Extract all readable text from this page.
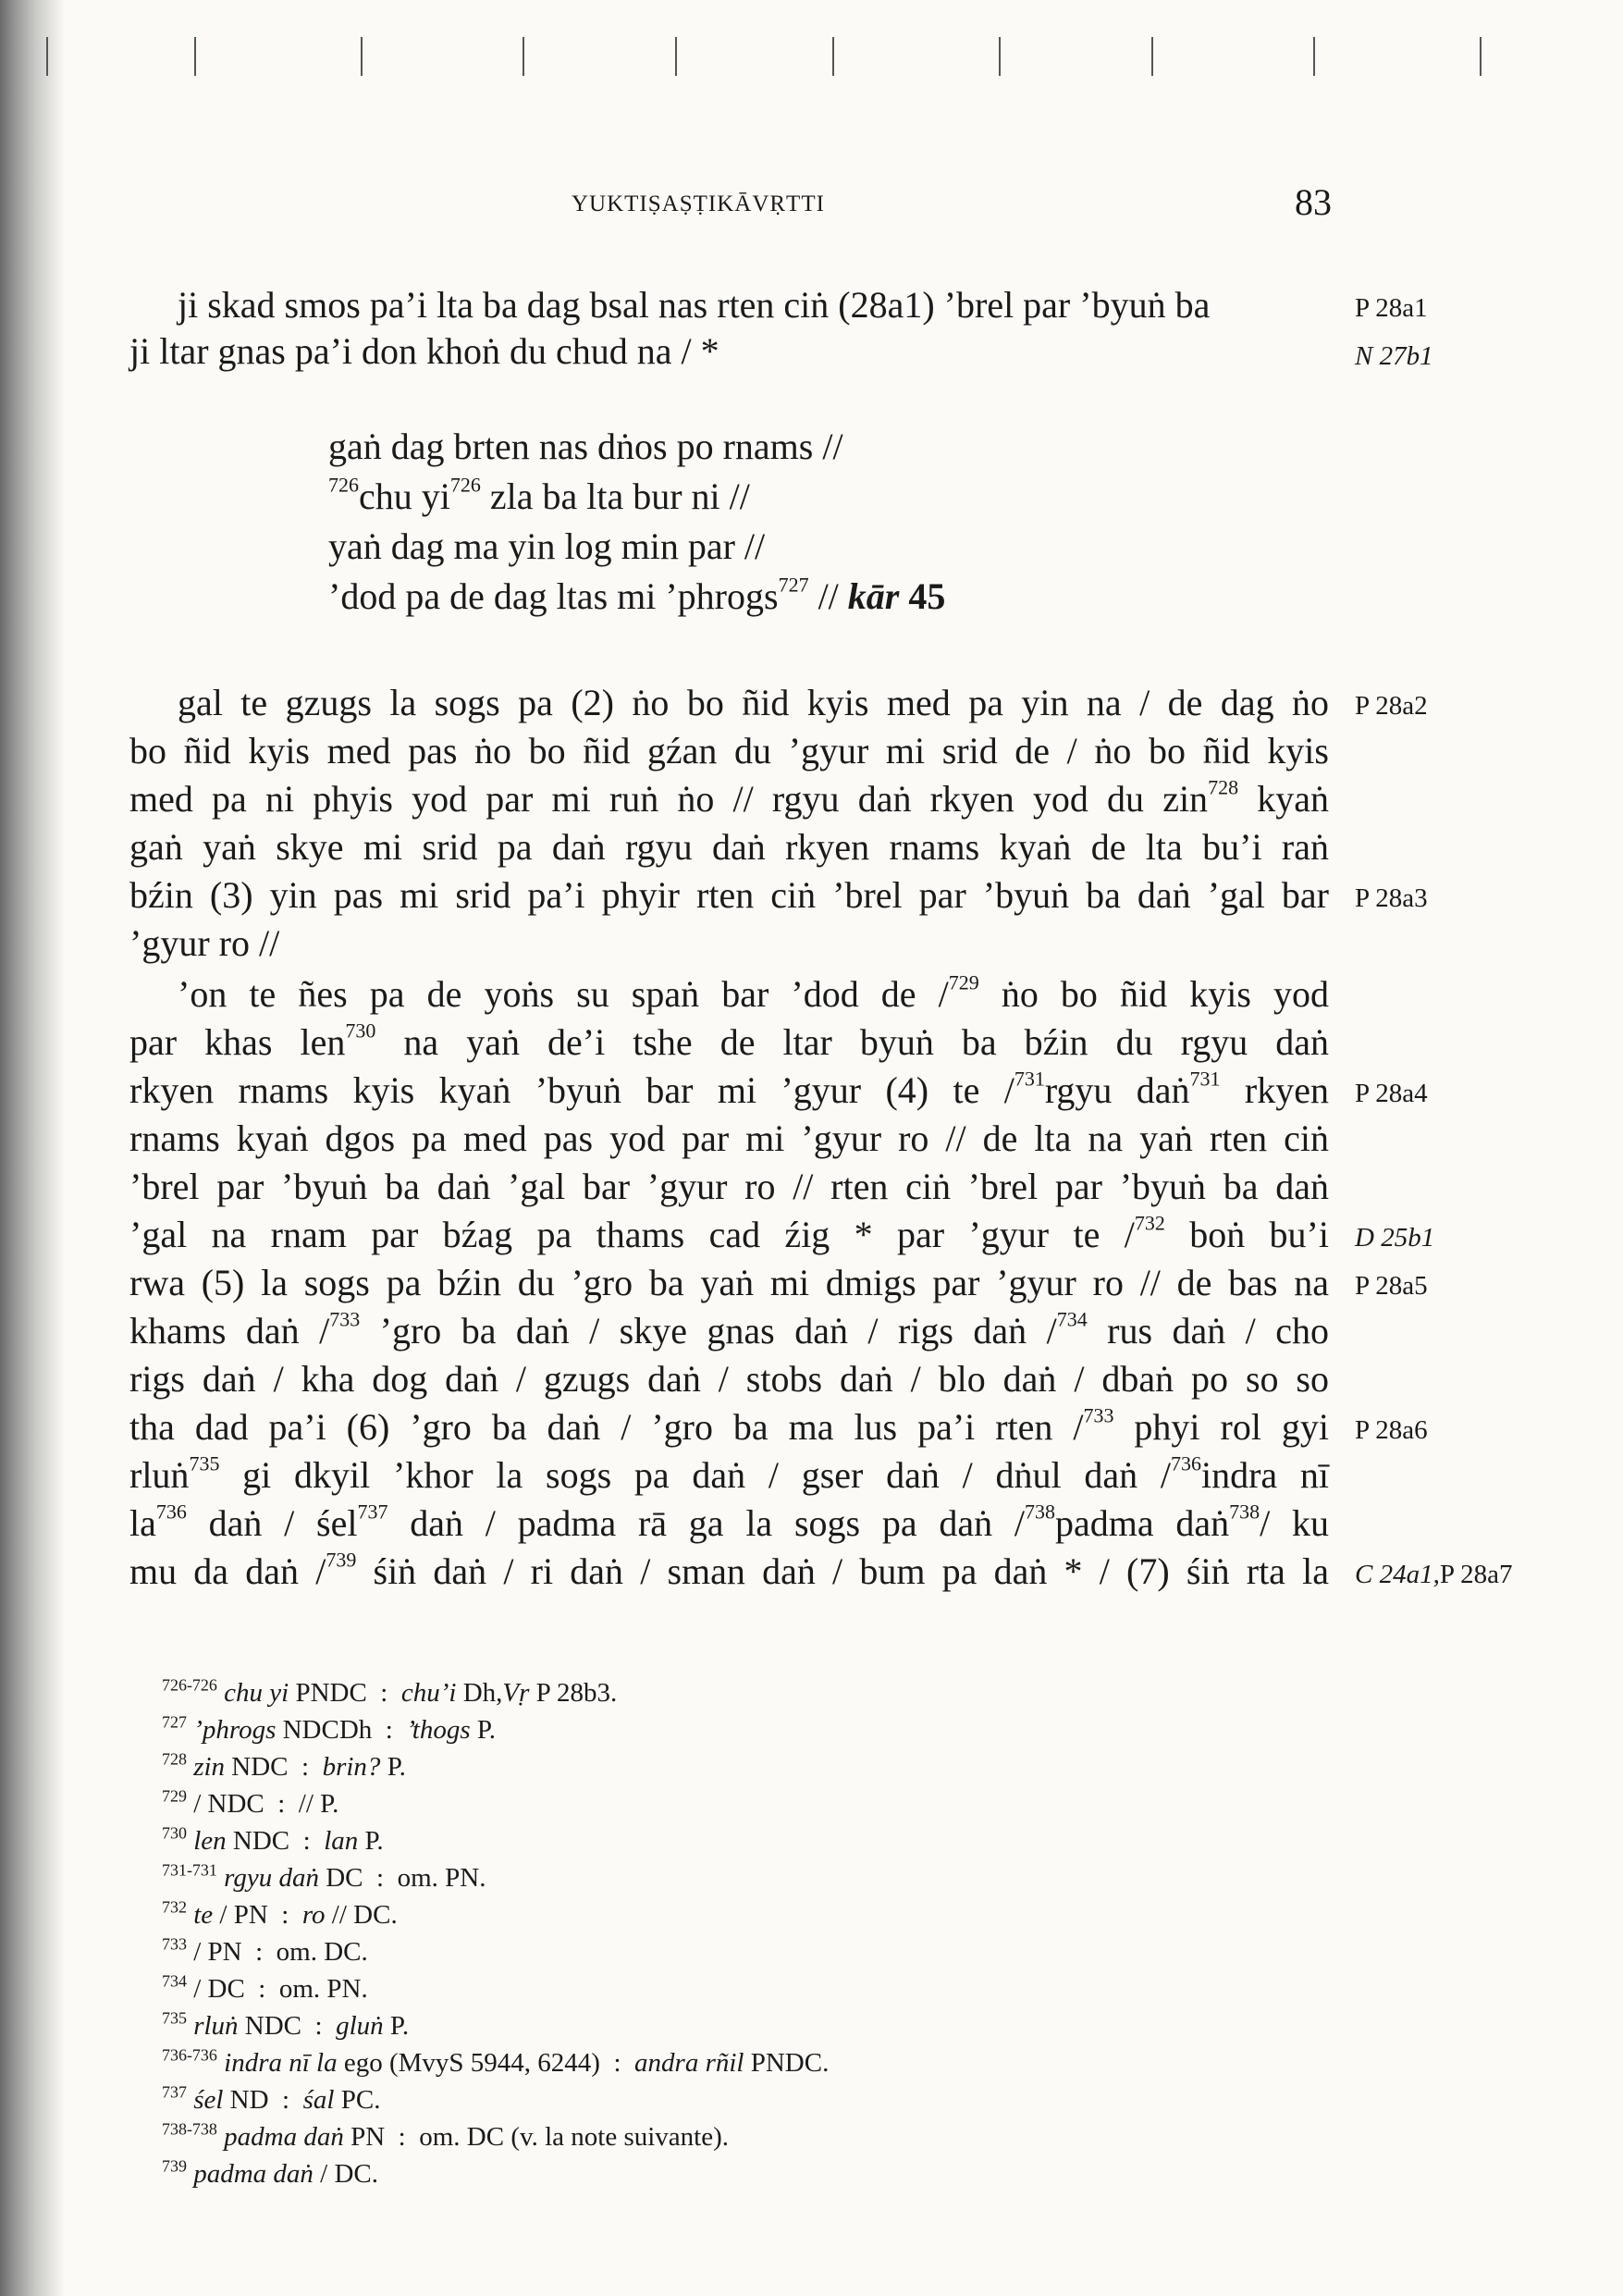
YUKTIṢAṢṬIKĀVṚTTI	83
ji skad smos pa’i lta ba dag bsal nas rten ciṅ (28a1) ’brel par ’byuṅ ba
ji ltar gnas pa’i don khoṅ du chud na / *
P 28a1
N 27b1
gaṅ dag brten nas dṅos po rnams //
$^{726}$chu $yi^{726}$ zla ba lta bur ni //
yaṅ dag ma yin log min par //
’dod pa de dag ltas mi ’phrogs$^{727}$ // kār 45
gal te gzugs la sogs pa (2) ṅo bo ñid kyis med pa yin na / de dag ṅo
bo ñid kyis med pas ṅo bo ñid gźan du ’gyur mi srid de / ṅo bo ñid kyis
med pa ni phyis yod par mi ruṅ ṅo // rgyu daṅ rkyen yod du zin$^{728}$ kyaṅ
gaṅ yaṅ skye mi srid pa daṅ rgyu daṅ rkyen rnams kyaṅ de lta bu’i raṅ
bźin (3) yin pas mi srid pa’i phyir rten ciṅ ’brel par ’byuṅ ba daṅ ’gal bar
’gyur ro //
P 28a2
P 28a3
’on te ñes pa de yoṅs su spaṅ bar ’dod de /$^{729}$ ṅo bo ñid kyis yod
par khas len$^{730}$ na yaṅ de’i tshe de ltar byuṅ ba bźin du rgyu daṅ
rkyen rnams kyis kyaṅ ’byuṅ bar mi ’gyur (4) te /$^{731}$rgyu daṅ$^{731}$ rkyen
rnams kyaṅ dgos pa med pas yod par mi ’gyur ro // de lta na yaṅ rten ciṅ
’brel par ’byuṅ ba daṅ ’gal bar ’gyur ro // rten ciṅ ’brel par ’byuṅ ba daṅ
’gal na rnam par bźag pa thams cad źig * par ’gyur te /$^{732}$ boṅ bu’i
rwa (5) la sogs pa bźin du ’gro ba yaṅ mi dmigs par ’gyur ro // de bas na
khams daṅ /$^{733}$ ’gro ba daṅ / skye gnas daṅ / rigs daṅ /$^{734}$ rus daṅ / cho
rigs daṅ / kha dog daṅ / gzugs daṅ / stobs daṅ / blo daṅ / dbaṅ po so so
tha dad pa’i (6) ’gro ba daṅ / ’gro ba ma lus pa’i rten /$^{733}$ phyi rol gyi
rluṅ$^{735}$ gi dkyil ’khor la sogs pa daṅ / gser daṅ / dṅul daṅ /$^{736}$indra nī
$la^{736}$ daṅ / śel$^{737}$ daṅ / padma rā ga la sogs pa daṅ /$^{738}$padma daṅ$^{738}$/ ku
mu da daṅ /$^{739}$ śiṅ daṅ / ri daṅ / sman daṅ / bum pa daṅ * / (7) śiṅ rta la
P 28a4
D 25b1
P 28a5
P 28a6
C 24a1,P 28a7
$^{726-726}$ chu yi PNDC  :  chu’i Dh,Vṛ P 28b3.
$^{727}$ ’phrogs NDCDh  :  ’thogs P.
$^{728}$ zin NDC  :  brin? P.
$^{729}$ / NDC  :  // P.
$^{730}$ len NDC  :  lan P.
$^{731-731}$ rgyu daṅ DC  :  om. PN.
$^{732}$ te / PN  :  ro // DC.
$^{733}$ / PN  :  om. DC.
$^{734}$ / DC  :  om. PN.
$^{735}$ rluṅ NDC  :  gluṅ P.
$^{736-736}$ indra nī la ego (MvyS 5944, 6244)  :  andra rñil PNDC.
$^{737}$ śel ND  :  śal PC.
$^{738-738}$ padma daṅ PN  :  om. DC (v. la note suivante).
$^{739}$ padma daṅ / DC.
